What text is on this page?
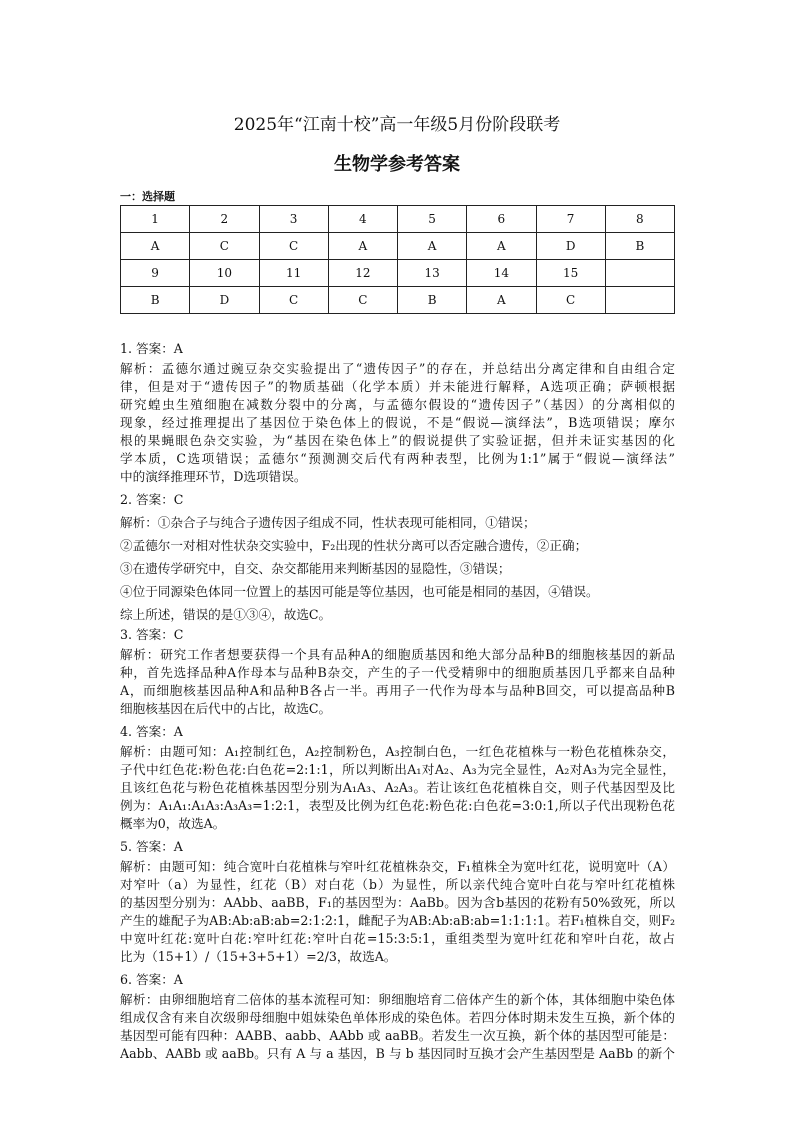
2025年“江南十校”高一年级5月份阶段联考
生物学参考答案
一：选择题
1	2	3	4	5	6	7	8
A	C	C	A	A	A	D	B
9	10	11	12	13	14	15	
B	D	C	C	B	A	C	
1. 答案：A
解析：孟德尔通过豌豆杂交实验提出了“遗传因子”的存在，并总结出分离定律和自由组合定
律，但是对于“遗传因子”的物质基础（化学本质）并未能进行解释，A选项正确；萨顿根据
研究蝗虫生殖细胞在减数分裂中的分离，与孟德尔假设的“遗传因子”（基因）的分离相似的
现象，经过推理提出了基因位于染色体上的假说，不是“假说—演绎法”，B选项错误；摩尔
根的果蝇眼色杂交实验，为“基因在染色体上”的假说提供了实验证据，但并未证实基因的化
学本质，C选项错误；孟德尔“预测测交后代有两种表型，比例为1:1”属于“假说—演绎法”
中的演绎推理环节，D选项错误。
2. 答案：C
解析：①杂合子与纯合子遗传因子组成不同，性状表现可能相同，①错误；
②孟德尔一对相对性状杂交实验中，F₂出现的性状分离可以否定融合遗传，②正确；
③在遗传学研究中，自交、杂交都能用来判断基因的显隐性，③错误；
④位于同源染色体同一位置上的基因可能是等位基因，也可能是相同的基因，④错误。
综上所述，错误的是①③④，故选C。
3. 答案：C
解析：研究工作者想要获得一个具有品种A的细胞质基因和绝大部分品种B的细胞核基因的新品
种，首先选择品种A作母本与品种B杂交，产生的子一代受精卵中的细胞质基因几乎都来自品种
A，而细胞核基因品种A和品种B各占一半。再用子一代作为母本与品种B回交，可以提高品种B
细胞核基因在后代中的占比，故选C。
4. 答案：A
解析：由题可知：A₁控制红色，A₂控制粉色，A₃控制白色，一红色花植株与一粉色花植株杂交，
子代中红色花:粉色花:白色花=2:1:1，所以判断出A₁对A₂、A₃为完全显性，A₂对A₃为完全显性，
且该红色花与粉色花植株基因型分别为A₁A₃、A₂A₃。若让该红色花植株自交，则子代基因型及比
例为：A₁A₁:A₁A₃:A₃A₃=1:2:1，表型及比例为红色花:粉色花:白色花=3:0:1,所以子代出现粉色花
概率为0，故选A。
5. 答案：A
解析：由题可知：纯合宽叶白花植株与窄叶红花植株杂交，F₁植株全为宽叶红花，说明宽叶（A）
对窄叶（a）为显性，红花（B）对白花（b）为显性，所以亲代纯合宽叶白花与窄叶红花植株
的基因型分别为：AAbb、aaBB，F₁的基因型为：AaBb。因为含b基因的花粉有50%致死，所以
产生的雄配子为AB:Ab:aB:ab=2:1:2:1，雌配子为AB:Ab:aB:ab=1:1:1:1。若F₁植株自交，则F₂
中宽叶红花:宽叶白花:窄叶红花:窄叶白花=15:3:5:1，重组类型为宽叶红花和窄叶白花，故占
比为（15+1）/（15+3+5+1）=2/3，故选A。
6. 答案：A
解析：由卵细胞培育二倍体的基本流程可知：卵细胞培育二倍体产生的新个体，其体细胞中染色体
组成仅含有来自次级卵母细胞中姐妹染色单体形成的染色体。若四分体时期未发生互换，新个体的
基因型可能有四种：AABB、aabb、AAbb 或 aaBB。若发生一次互换，新个体的基因型可能是：
Aabb、AABb 或 aaBb。只有 A 与 a 基因，B 与 b 基因同时互换才会产生基因型是 AaBb 的新个
